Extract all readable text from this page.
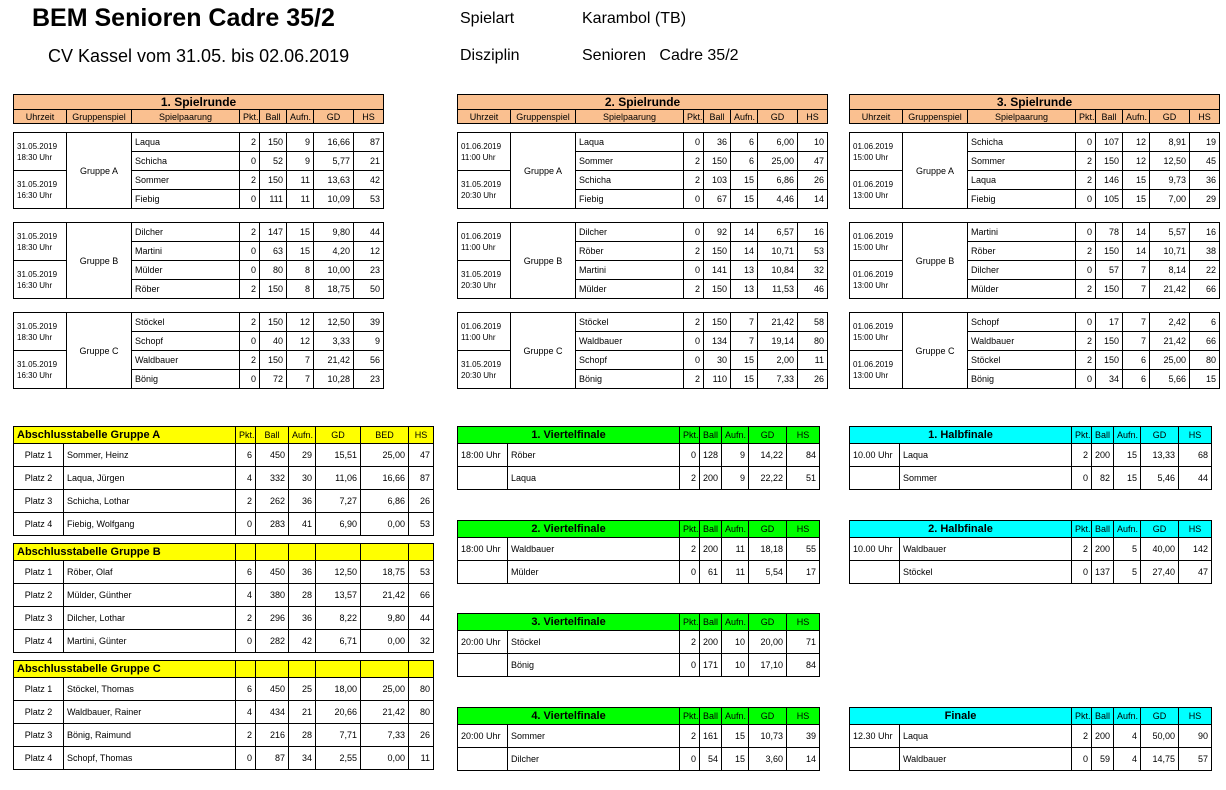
BEM Senioren Cadre 35/2
CV Kassel vom 31.05. bis 02.06.2019
Spielart	Karambol (TB)
Disziplin	Senioren   Cadre 35/2
1. Spielrunde
Uhrzeit	Gruppenspiel	Spielpaarung	Pkt.	Ball	Aufn.	GD	HS
31.05.2019
18:30 Uhr	Gruppe A	Laqua	2	150	9	16,66	87
		Schicha	0	52	9	5,77	21
31.05.2019
16:30 Uhr		Sommer	2	150	11	13,63	42
		Fiebig	0	111	11	10,09	53
31.05.2019
18:30 Uhr	Gruppe B	Dilcher	2	147	15	9,80	44
		Martini	0	63	15	4,20	12
31.05.2019
16:30 Uhr		Mülder	0	80	8	10,00	23
		Röber	2	150	8	18,75	50
31.05.2019
18:30 Uhr	Gruppe C	Stöckel	2	150	12	12,50	39
		Schopf	0	40	12	3,33	9
31.05.2019
16:30 Uhr		Waldbauer	2	150	7	21,42	56
		Bönig	0	72	7	10,28	23
2. Spielrunde
Uhrzeit	Gruppenspiel	Spielpaarung	Pkt.	Ball	Aufn.	GD	HS
01.06.2019
11:00 Uhr	Gruppe A	Laqua	0	36	6	6,00	10
		Sommer	2	150	6	25,00	47
31.05.2019
20:30 Uhr		Schicha	2	103	15	6,86	26
		Fiebig	0	67	15	4,46	14
01.06.2019
11:00 Uhr	Gruppe B	Dilcher	0	92	14	6,57	16
		Röber	2	150	14	10,71	53
31.05.2019
20:30 Uhr		Martini	0	141	13	10,84	32
		Mülder	2	150	13	11,53	46
01.06.2019
11:00 Uhr	Gruppe C	Stöckel	2	150	7	21,42	58
		Waldbauer	0	134	7	19,14	80
31.05.2019
20:30 Uhr		Schopf	0	30	15	2,00	11
		Bönig	2	110	15	7,33	26
3. Spielrunde
Uhrzeit	Gruppenspiel	Spielpaarung	Pkt.	Ball	Aufn.	GD	HS
01.06.2019
15:00 Uhr	Gruppe A	Schicha	0	107	12	8,91	19
		Sommer	2	150	12	12,50	45
01.06.2019
13:00 Uhr		Laqua	2	146	15	9,73	36
		Fiebig	0	105	15	7,00	29
01.06.2019
15:00 Uhr	Gruppe B	Martini	0	78	14	5,57	16
		Röber	2	150	14	10,71	38
01.06.2019
13:00 Uhr		Dilcher	0	57	7	8,14	22
		Mülder	2	150	7	21,42	66
01.06.2019
15:00 Uhr	Gruppe C	Schopf	0	17	7	2,42	6
		Waldbauer	2	150	7	21,42	66
01.06.2019
13:00 Uhr		Stöckel	2	150	6	25,00	80
		Bönig	0	34	6	5,66	15
Abschlusstabelle Gruppe A		Pkt.	Ball	Aufn.	GD	BED	HS
Platz 1	Sommer, Heinz	6	450	29	15,51	25,00	47
Platz 2	Laqua, Jürgen	4	332	30	11,06	16,66	87
Platz 3	Schicha, Lothar	2	262	36	7,27	6,86	26
Platz 4	Fiebig, Wolfgang	0	283	41	6,90	0,00	53
Abschlusstabelle Gruppe B							
Platz 1	Röber, Olaf	6	450	36	12,50	18,75	53
Platz 2	Mülder, Günther	4	380	28	13,57	21,42	66
Platz 3	Dilcher, Lothar	2	296	36	8,22	9,80	44
Platz 4	Martini, Günter	0	282	42	6,71	0,00	32
Abschlusstabelle Gruppe C							
Platz 1	Stöckel, Thomas	6	450	25	18,00	25,00	80
Platz 2	Waldbauer, Rainer	4	434	21	20,66	21,42	80
Platz 3	Bönig, Raimund	2	216	28	7,71	7,33	26
Platz 4	Schopf, Thomas	0	87	34	2,55	0,00	11
1. Viertelfinale		Pkt.	Ball	Aufn.	GD	HS
18:00 Uhr	Röber	0	128	9	14,22	84
	Laqua	2	200	9	22,22	51
2. Viertelfinale		Pkt.	Ball	Aufn.	GD	HS
18:00 Uhr	Waldbauer	2	200	11	18,18	55
	Mülder	0	61	11	5,54	17
3. Viertelfinale		Pkt.	Ball	Aufn.	GD	HS
20:00 Uhr	Stöckel	2	200	10	20,00	71
	Bönig	0	171	10	17,10	84
4. Viertelfinale		Pkt.	Ball	Aufn.	GD	HS
20:00 Uhr	Sommer	2	161	15	10,73	39
	Dilcher	0	54	15	3,60	14
1. Halbfinale		Pkt.	Ball	Aufn.	GD	HS
10.00 Uhr	Laqua	2	200	15	13,33	68
	Sommer	0	82	15	5,46	44
2. Halbfinale		Pkt.	Ball	Aufn.	GD	HS
10.00 Uhr	Waldbauer	2	200	5	40,00	142
	Stöckel	0	137	5	27,40	47
Finale		Pkt.	Ball	Aufn.	GD	HS
12.30 Uhr	Laqua	2	200	4	50,00	90
	Waldbauer	0	59	4	14,75	57
